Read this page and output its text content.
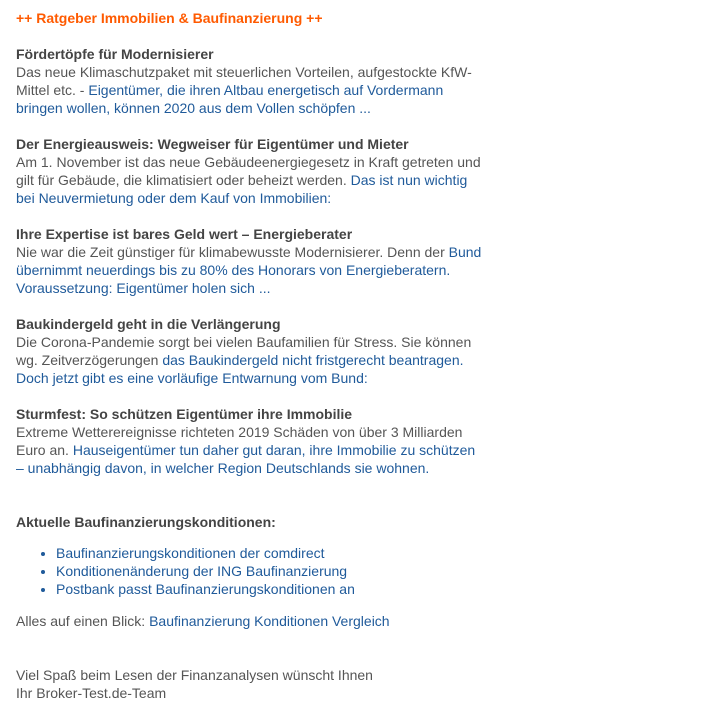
++ Ratgeber Immobilien & Baufinanzierung ++
Fördertöpfe für Modernisierer
Das neue Klimaschutzpaket mit steuerlichen Vorteilen, aufgestockte KfW-Mittel etc. - Eigentümer, die ihren Altbau energetisch auf Vordermann bringen wollen, können 2020 aus dem Vollen schöpfen ...
Der Energieausweis: Wegweiser für Eigentümer und Mieter
Am 1. November ist das neue Gebäudeenergiegesetz in Kraft getreten und gilt für Gebäude, die klimatisiert oder beheizt werden. Das ist nun wichtig bei Neuvermietung oder dem Kauf von Immobilien:
Ihre Expertise ist bares Geld wert – Energieberater
Nie war die Zeit günstiger für klimabewusste Modernisierer. Denn der Bund übernimmt neuerdings bis zu 80% des Honorars von Energieberatern. Voraussetzung: Eigentümer holen sich ...
Baukindergeld geht in die Verlängerung
Die Corona-Pandemie sorgt bei vielen Baufamilien für Stress. Sie können wg. Zeitverzögerungen das Baukindergeld nicht fristgerecht beantragen. Doch jetzt gibt es eine vorläufige Entwarnung vom Bund:
Sturmfest: So schützen Eigentümer ihre Immobilie
Extreme Wetterereignisse richteten 2019 Schäden von über 3 Milliarden Euro an. Hauseigentümer tun daher gut daran, ihre Immobilie zu schützen – unabhängig davon, in welcher Region Deutschlands sie wohnen.
Aktuelle Baufinanzierungskonditionen:
• Baufinanzierungskonditionen der comdirect
• Konditionenänderung der ING Baufinanzierung
• Postbank passt Baufinanzierungskonditionen an
Alles auf einen Blick: Baufinanzierung Konditionen Vergleich
Viel Spaß beim Lesen der Finanzanalysen wünscht Ihnen
Ihr Broker-Test.de-Team
